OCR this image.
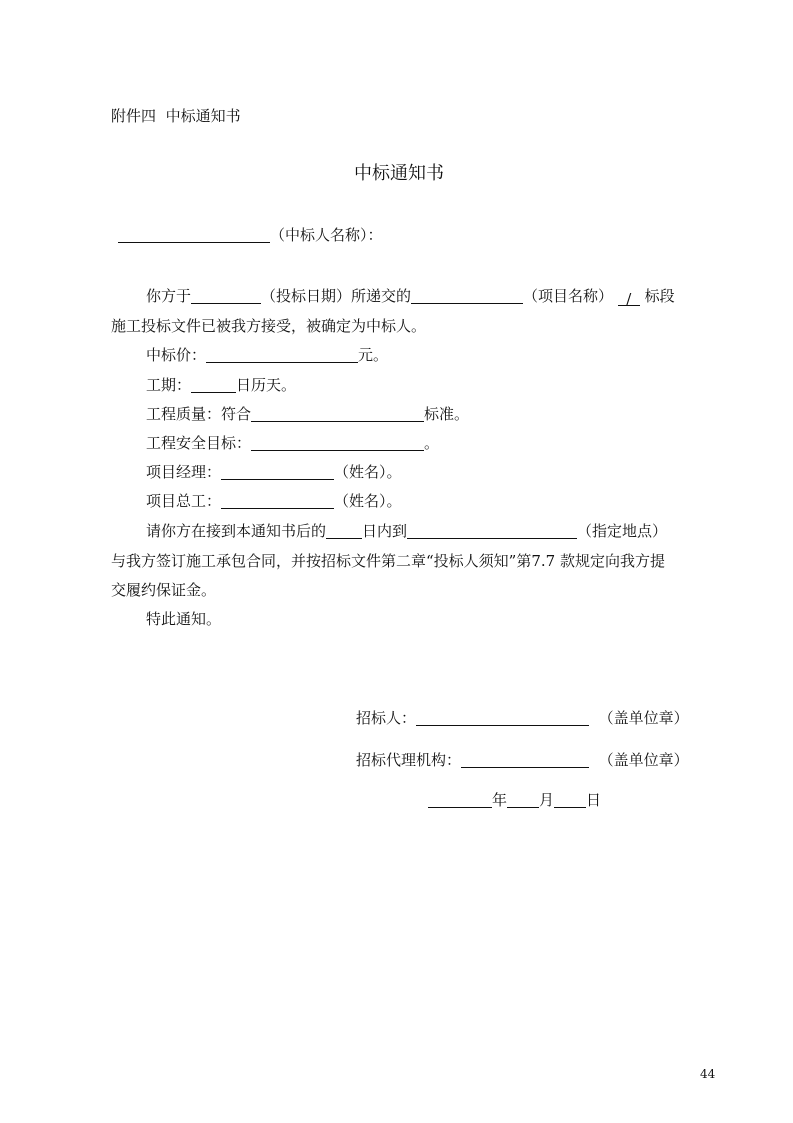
附件四 中标通知书
中标通知书
（中标人名称）：
你方于	（投标日期）所递交的	（项目名称） / 标段
施工投标文件已被我方接受，被确定为中标人。
中标价：	元。
工期：	日历天。
工程质量：符合	标准。
工程安全目标：	。
项目经理：	（姓名）。
项目总工：	（姓名）。
请你方在接到本通知书后的 日内到	（指定地点）
与我方签订施工承包合同，并按招标文件第二章“投标人须知”第7.7 款规定向我方提
交履约保证金。
特此通知。
招标人：	（盖单位章）
招标代理机构：	（盖单位章）
年 月 日
44
